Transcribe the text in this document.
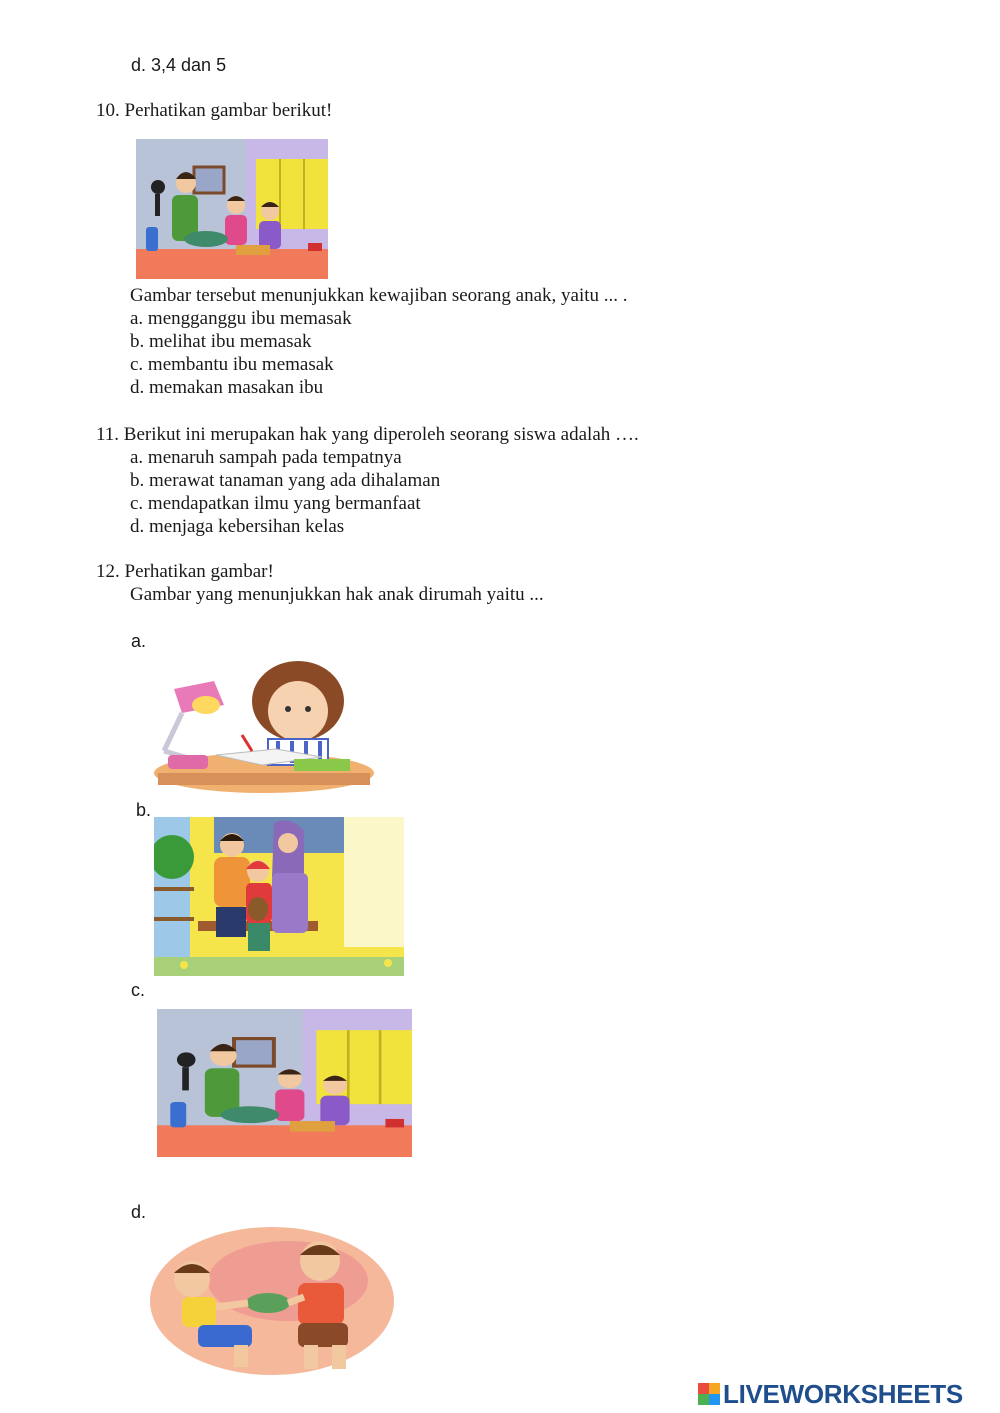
d. 3,4 dan 5
10. Perhatikan gambar berikut!
Gambar tersebut menunjukkan kewajiban seorang anak, yaitu ... .
a. mengganggu ibu memasak
b. melihat ibu memasak
c. membantu ibu memasak
d. memakan masakan ibu
11. Berikut ini merupakan hak yang diperoleh seorang siswa adalah ….
a. menaruh sampah pada tempatnya
b. merawat tanaman yang ada dihalaman
c. mendapatkan ilmu yang bermanfaat
d. menjaga kebersihan kelas
12. Perhatikan gambar!
Gambar yang menunjukkan hak anak dirumah yaitu ...
a.
b.
c.
d.
LIVEWORKSHEETS
